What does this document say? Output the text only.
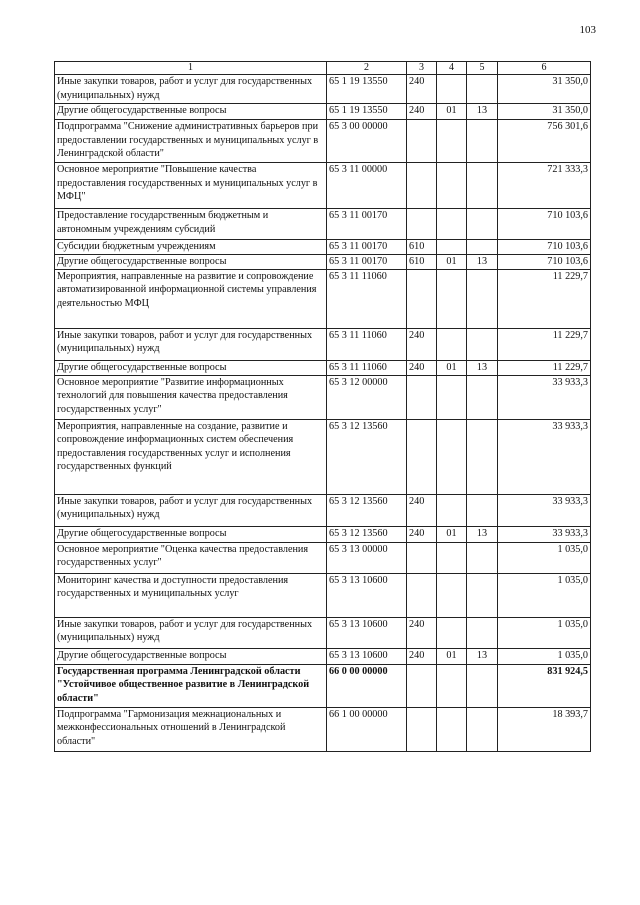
103
1	2	3	4	5	6
Иные закупки товаров, работ и услуг для государственных (муниципальных) нужд	65 1 19 13550	240			31 350,0
Другие общегосударственные вопросы	65 1 19 13550	240	01	13	31 350,0
Подпрограмма "Снижение административных барьеров при предоставлении государственных и муниципальных услуг в Ленинградской области"	65 3 00 00000				756 301,6
Основное мероприятие "Повышение качества предоставления государственных и муниципальных услуг в МФЦ"	65 3 11 00000				721 333,3
Предоставление государственным бюджетным и автономным учреждениям субсидий	65 3 11 00170				710 103,6
Субсидии бюджетным учреждениям	65 3 11 00170	610			710 103,6
Другие общегосударственные вопросы	65 3 11 00170	610	01	13	710 103,6
Мероприятия, направленные на развитие и сопровождение автоматизированной информационной системы управления деятельностью МФЦ	65 3 11 11060				11 229,7
Иные закупки товаров, работ и услуг для государственных (муниципальных) нужд	65 3 11 11060	240			11 229,7
Другие общегосударственные вопросы	65 3 11 11060	240	01	13	11 229,7
Основное мероприятие "Развитие информационных технологий для повышения качества предоставления государственных услуг"	65 3 12 00000				33 933,3
Мероприятия, направленные на создание, развитие и сопровождение информационных систем обеспечения предоставления государственных услуг и исполнения государственных функций	65 3 12 13560				33 933,3
Иные закупки товаров, работ и услуг для государственных (муниципальных) нужд	65 3 12 13560	240			33 933,3
Другие общегосударственные вопросы	65 3 12 13560	240	01	13	33 933,3
Основное мероприятие "Оценка качества предоставления государственных услуг"	65 3 13 00000				1 035,0
Мониторинг качества и доступности предоставления государственных и муниципальных услуг	65 3 13 10600				1 035,0
Иные закупки товаров, работ и услуг для государственных (муниципальных) нужд	65 3 13 10600	240			1 035,0
Другие общегосударственные вопросы	65 3 13 10600	240	01	13	1 035,0
Государственная программа Ленинградской области "Устойчивое общественное развитие в Ленинградской области"	66 0 00 00000				831 924,5
Подпрограмма "Гармонизация межнациональных и межконфессиональных отношений в Ленинградской области"	66 1 00 00000				18 393,7
